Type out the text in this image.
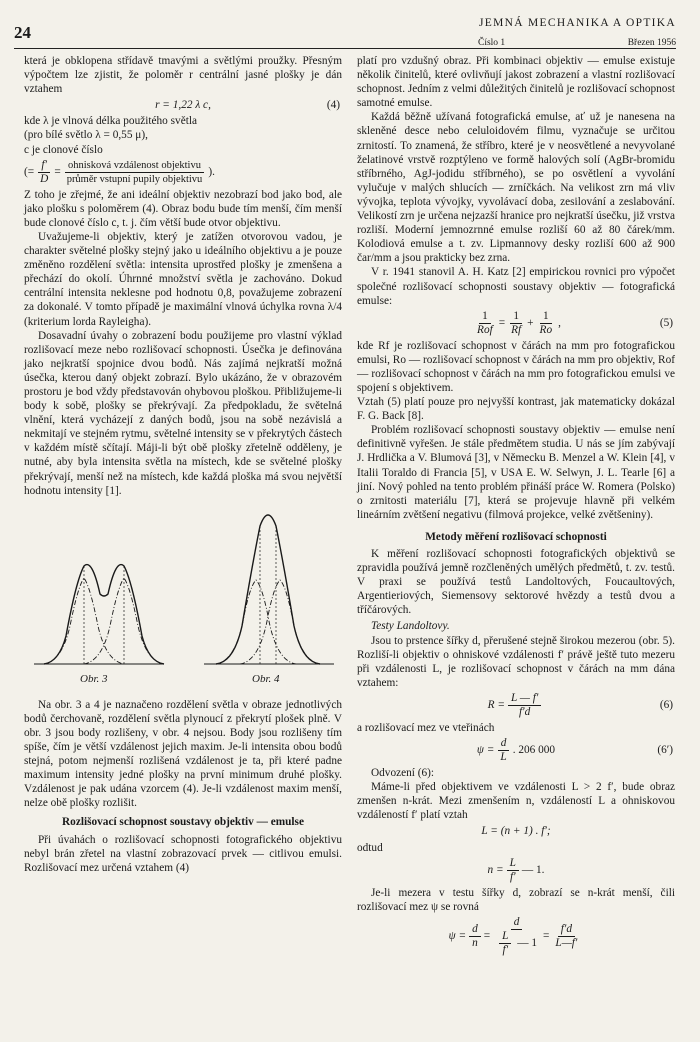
24	JEMNÁ MECHANIKA A OPTIKA
Číslo 1	Březen 1956

která je obklopena střídavě tmavými a světlými proužky. Přesným výpočtem lze zjistit, že poloměr r centrální jasné plošky je dán vztahem

r = 1,22 λ c,	(4)

kde λ je vlnová délka použitého světla

(pro bílé světlo λ = 0,55 μ),

c je clonové číslo

(= $\frac{f'}{D} = \frac{\text{ohnisková vzdálenost objektivu}}{\text{průměr vstupní pupily objektivu}}$ ).

Z toho je zřejmé, že ani ideální objektiv nezobrazí bod jako bod, ale jako plošku s poloměrem (4). Obraz bodu bude tím menší, čím menší bude clonové číslo c, t. j. čím větší bude otvor objektivu.

Uvažujeme-li objektiv, který je zatížen otvorovou vadou, je charakter světelné plošky stejný jako u ideálního objektivu a je pouze změněno rozdělení světla: intensita uprostřed plošky je zmenšena a přechází do okolí. Úhrnné množství světla je zachováno. Dokud centrální intensita neklesne pod hodnotu 0,8, považujeme zobrazení za dokonalé. V tomto případě je maximální vlnová úchylka rovna λ/4 (kriterium lorda Rayleigha).

Dosavadní úvahy o zobrazení bodu použijeme pro vlastní výklad rozlišovací meze nebo rozlišovací schopnosti. Úsečka je definována jako nejkratší spojnice dvou bodů. Nás zajímá nejkratší možná úsečka, kterou daný objekt zobrazí. Bylo ukázáno, že v obrazovém prostoru je bod vždy představován ohybovou ploškou. Přibližujeme-li body k sobě, plošky se překrývají. Za předpokladu, že světelná vlnění, která vycházejí z daných bodů, jsou na sobě nezávislá a nekmitají ve stejném rytmu, světelné intensity se v překrytých částech v každém místě sčítají. Máji-li být obě plošky zřetelně odděleny, je nutné, aby byla intensita světla na místech, kde se světelné plošky překrývají, menší než na místech, kde každá ploška má svou největší hodnotu intensity [1].

Obr. 3	Obr. 4

Na obr. 3 a 4 je naznačeno rozdělení světla v obraze jednotlivých bodů čerchovaně, rozdělení světla plynoucí z překrytí plošek plně. V obr. 3 jsou body rozlišeny, v obr. 4 nejsou. Body jsou rozlišeny tím spíše, čím je větší vzdálenost jejich maxim. Je-li intensita obou bodů stejná, potom nejmenší rozlišená vzdálenost je ta, při které padne maximum intensity jedné plošky na první minimum druhé plošky. Vzdálenost je pak udána vzorcem (4). Je-li vzdálenost maxim menší, nelze obě plošky rozlišit.

Rozlišovací schopnost soustavy objektiv — emulse

Při úvahách o rozlišovací schopnosti fotografického objektivu nebyl brán zřetel na vlastní zobrazovací prvek — citlivou emulsi. Rozlišovací mez určená vztahem (4)

platí pro vzdušný obraz. Při kombinaci objektiv — emulse existuje několik činitelů, které ovlivňují jakost zobrazení a vlastní rozlišovací schopnost. Jedním z velmi důležitých činitelů je rozlišovací schopnost samotné emulse.

Každá běžně užívaná fotografická emulse, ať už je nanesena na skleněné desce nebo celuloidovém filmu, vyznačuje se určitou zrnitostí. To znamená, že stříbro, které je v neosvětlené a nevyvolané želatinové vrstvě rozptýleno ve formě halových solí (AgBr-bromidu stříbrného, AgJ-jodidu stříbrného), se po osvětlení a vyvolání vylučuje v malých shlucích — zrníčkách. Na velikost zrn má vliv vývojka, teplota vývojky, vyvolávací doba, zesilování a zeslabování. Velikostí zrn je určena nejzazší hranice pro nejkratší úsečku, již vrstva rozliší. Moderní jemnozrnné emulse rozliší 60 až 80 čárek/mm. Kolodiová emulse a t. zv. Lipmannovy desky rozliší 600 až 900 čar/mm a jsou prakticky bez zrna.

V r. 1941 stanovil A. H. Katz [2] empirickou rovnici pro výpočet společné rozlišovací schopnosti soustavy objektiv — fotografická emulse:

$\frac{1}{\text{Rof}} = \frac{1}{Rf} + \frac{1}{Ro}$ ,	(5)

kde Rf je rozlišovací schopnost v čárách na mm pro fotografickou emulsi, Ro — rozlišovací schopnost v čárách na mm pro objektiv, Rof — rozlišovací schopnost v čárách na mm pro fotografickou emulsi ve spojení s objektivem.

Vztah (5) platí pouze pro nejvyšší kontrast, jak matematicky dokázal F. G. Back [8].

Problém rozlišovací schopnosti soustavy objektiv — emulse není definitivně vyřešen. Je stále předmětem studia. U nás se jím zabývají J. Hrdlička a V. Blumová [3], v Německu B. Menzel a W. Klein [4], v Italii Toraldo di Francia [5], v USA E. W. Selwyn, J. L. Tearle [6] a jiní. Nový pohled na tento problém přináší práce W. Romera (Polsko) o zrnitosti materiálu [7], která se projevuje hlavně při velkém lineárním zvětšení negativu (filmová projekce, velké zvětšeniny).

Metody měření rozlišovací schopnosti

K měření rozlišovací schopnosti fotografických objektivů se zpravidla používá jemně rozčleněných umělých předmětů, t. zv. testů. V praxi se používá testů Landoltových, Foucaultových, Argentieriových, Siemensovy sektorové hvězdy a testů dvou a tříčárových.

Testy Landoltovy.

Jsou to prstence šířky d, přerušené stejně širokou mezerou (obr. 5). Rozliší-li objektiv o ohniskové vzdálenosti f′ právě ještě tuto mezeru při vzdálenosti L, je rozlišovací schopnost v čárách na mm dána vztahem:

$R = \frac{L — f'}{f'd}$	(6)

a rozlišovací mez ve vteřinách

$\psi = \frac{d}{L}$ . 206 000	(6′)

Odvození (6):

Máme-li před objektivem ve vzdálenosti L > 2 f′, bude obraz zmenšen n-krát. Mezi zmenšením n, vzdáleností L a ohniskovou vzdáleností f′ platí vztah

L = (n + 1) . f′;

odtud

$n = \frac{L}{f'}$ — 1.

Je-li mezera v testu šířky d, zobrazí se n-krát menší, čili rozlišovací mez ψ se rovná

$\psi = \frac{d}{n} = \frac{d}{\frac{L}{f'} — 1} = \frac{f'd}{L—f'}$
